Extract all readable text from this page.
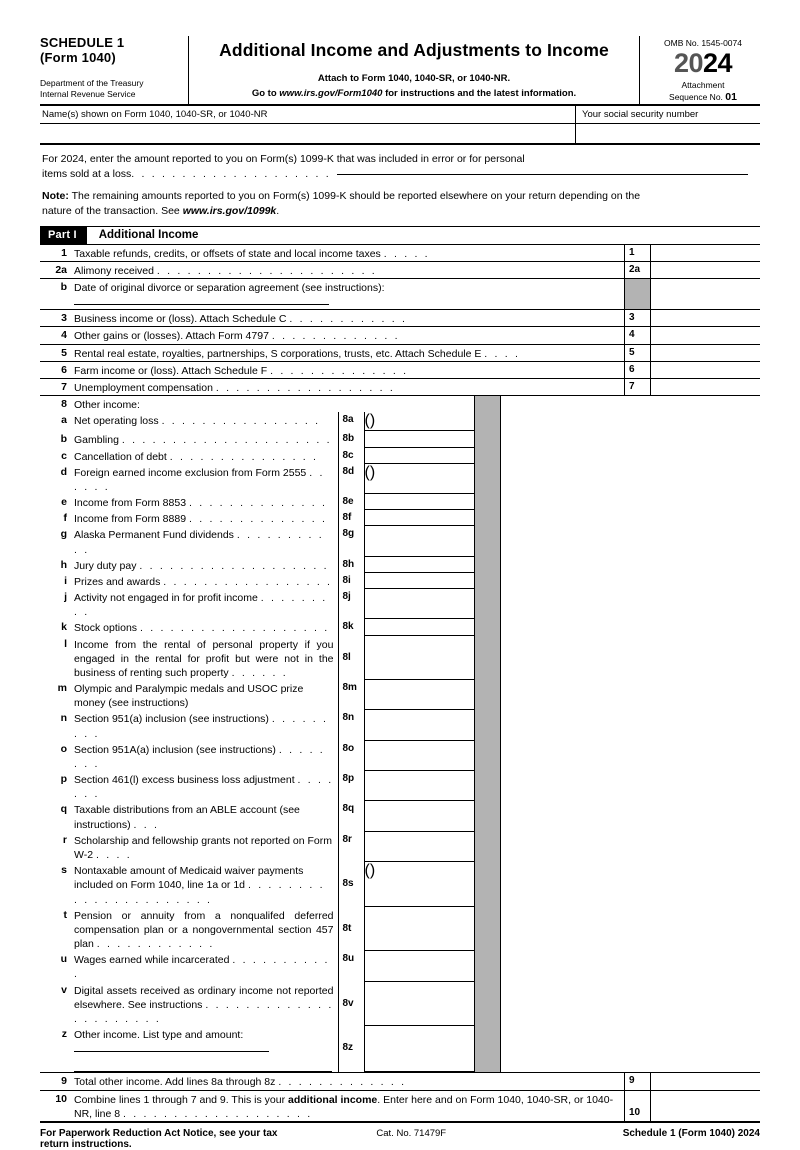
SCHEDULE 1
(Form 1040)
Department of the Treasury
Internal Revenue Service
Additional Income and Adjustments to Income
Attach to Form 1040, 1040-SR, or 1040-NR.
Go to www.irs.gov/Form1040 for instructions and the latest information.
OMB No. 1545-0074
2024
Attachment
Sequence No. 01
Name(s) shown on Form 1040, 1040-SR, or 1040-NR	Your social security number
For 2024, enter the amount reported to you on Form(s) 1099-K that was included in error or for personal
items sold at a loss . . . . . . . . . . . . . . . . . . . .
Note: The remaining amounts reported to you on Form(s) 1099-K should be reported elsewhere on your return depending on the
nature of the transaction. See www.irs.gov/1099k.
Part I	Additional Income
1 Taxable refunds, credits, or offsets of state and local income taxes . . . . .	1
2a Alimony received . . . . . . . . . . . . . . . . . . . . . .	2a
b Date of original divorce or separation agreement (see instructions):
3 Business income or (loss). Attach Schedule C . . . . . . . . . . . .	3
4 Other gains or (losses). Attach Form 4797 . . . . . . . . . . . . .	4
5 Rental real estate, royalties, partnerships, S corporations, trusts, etc. Attach Schedule E . . . .	5
6 Farm income or (loss). Attach Schedule F . . . . . . . . . . . . . .	6
7 Unemployment compensation . . . . . . . . . . . . . . . . . .	7
8 Other income:
a Net operating loss . . . . . . . . . . . . . . . .	8a ()
b Gambling . . . . . . . . . . . . . . . . . . . . .	8b
c Cancellation of debt . . . . . . . . . . . . . . .	8c
d Foreign earned income exclusion from Form 2555 . . . . . .
8d ()
e Income from Form 8853 . . . . . . . . . . . . . .	8e
f Income from Form 8889 . . . . . . . . . . . . . .	8f
g Alaska Permanent Fund dividends . . . . . . . . . . .
8g
h Jury duty pay . . . . . . . . . . . . . . . . . . .	8h
i Prizes and awards . . . . . . . . . . . . . . . . .	8i
j Activity not engaged in for profit income . . . . . . . . .
8j
k Stock options . . . . . . . . . . . . . . . . . . .	8k
l Income from the rental of personal property if you engaged in the rental for profit but were not in the business of renting such property . . . . . .
8l
m Olympic and Paralympic medals and USOC prize money (see instructions)
8m
n Section 951(a) inclusion (see instructions) . . . . . . . . .
8n
o Section 951A(a) inclusion (see instructions) . . . . . . . .
8o
p Section 461(l) excess business loss adjustment . . . . . . .
8p
q Taxable distributions from an ABLE account (see instructions) . . .
8q
r Scholarship and fellowship grants not reported on Form W-2 . . . .
8r
s Nontaxable amount of Medicaid waiver payments included on Form 1040, line 1a or 1d . . . . . . . . . . . . . . . . . . . . . .
8s
()
t Pension or annuity from a nonqualifed deferred compensation plan or a nongovernmental section 457 plan . . . . . . . . . . . .
8t
u Wages earned while incarcerated . . . . . . . . . . .
8u
v Digital assets received as ordinary income not reported elsewhere. See instructions . . . . . . . . . . . . . . . . . . . . . .
8v
z Other income. List type and amount:
8z
9 Total other income. Add lines 8a through 8z . . . . . . . . . . . . .	9
10 Combine lines 1 through 7 and 9. This is your additional income. Enter here and on Form 1040, 1040-SR, or 1040-NR, line 8 . . . . . . . . . . . . . . . . . . .	10
For Paperwork Reduction Act Notice, see your tax return instructions.
Cat. No. 71479F	Schedule 1 (Form 1040) 2024
